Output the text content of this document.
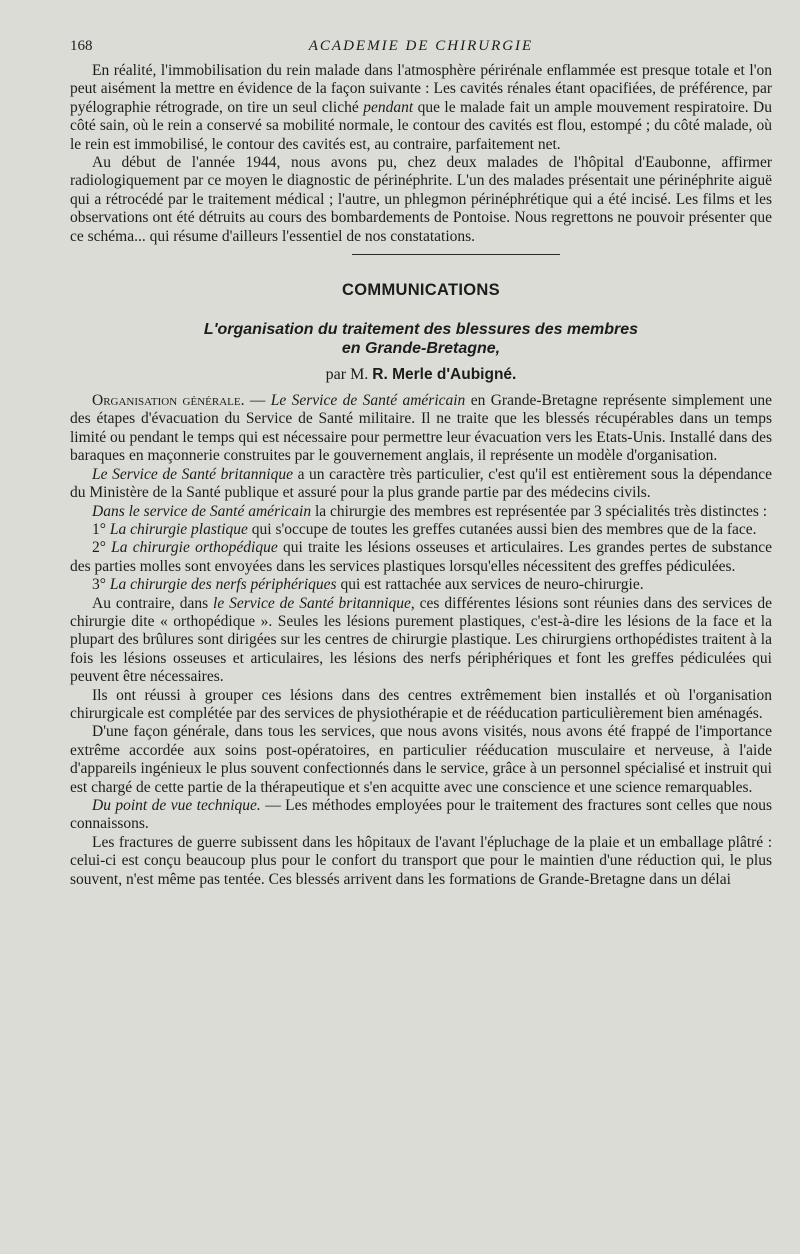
168	ACADEMIE DE CHIRURGIE

En réalité, l'immobilisation du rein malade dans l'atmosphère périrénale enflammée est presque totale et l'on peut aisément la mettre en évidence de la façon suivante : Les cavités rénales étant opacifiées, de préférence, par pyélographie rétrograde, on tire un seul cliché pendant que le malade fait un ample mouvement respiratoire. Du côté sain, où le rein a conservé sa mobilité normale, le contour des cavités est flou, estompé ; du côté malade, où le rein est immobilisé, le contour des cavités est, au contraire, parfaitement net.

Au début de l'année 1944, nous avons pu, chez deux malades de l'hôpital d'Eaubonne, affirmer radiologiquement par ce moyen le diagnostic de périnéphrite. L'un des malades présentait une périnéphrite aiguë qui a rétrocédé par le traitement médical ; l'autre, un phlegmon périnéphrétique qui a été incisé. Les films et les observations ont été détruits au cours des bombardements de Pontoise. Nous regrettons ne pouvoir présenter que ce schéma... qui résume d'ailleurs l'essentiel de nos constatations.

COMMUNICATIONS
L'organisation du traitement des blessures des membres
en Grande-Bretagne,
par M. R. Merle d'Aubigné.

Organisation générale. — Le Service de Santé américain en Grande-Bretagne représente simplement une des étapes d'évacuation du Service de Santé militaire. Il ne traite que les blessés récupérables dans un temps limité ou pendant le temps qui est nécessaire pour permettre leur évacuation vers les Etats-Unis. Installé dans des baraques en maçonnerie construites par le gouvernement anglais, il représente un modèle d'organisation.

Le Service de Santé britannique a un caractère très particulier, c'est qu'il est entièrement sous la dépendance du Ministère de la Santé publique et assuré pour la plus grande partie par des médecins civils.

Dans le service de Santé américain la chirurgie des membres est représentée par 3 spécialités très distinctes :

1° La chirurgie plastique qui s'occupe de toutes les greffes cutanées aussi bien des membres que de la face.

2° La chirurgie orthopédique qui traite les lésions osseuses et articulaires. Les grandes pertes de substance des parties molles sont envoyées dans les services plastiques lorsqu'elles nécessitent des greffes pédiculées.

3° La chirurgie des nerfs périphériques qui est rattachée aux services de neuro-chirurgie.

Au contraire, dans le Service de Santé britannique, ces différentes lésions sont réunies dans des services de chirurgie dite « orthopédique ». Seules les lésions purement plastiques, c'est-à-dire les lésions de la face et la plupart des brûlures sont dirigées sur les centres de chirurgie plastique. Les chirurgiens orthopédistes traitent à la fois les lésions osseuses et articulaires, les lésions des nerfs périphériques et font les greffes pédiculées qui peuvent être nécessaires.

Ils ont réussi à grouper ces lésions dans des centres extrêmement bien installés et où l'organisation chirurgicale est complétée par des services de physiothérapie et de rééducation particulièrement bien aménagés.

D'une façon générale, dans tous les services, que nous avons visités, nous avons été frappé de l'importance extrême accordée aux soins post-opératoires, en particulier rééducation musculaire et nerveuse, à l'aide d'appareils ingénieux le plus souvent confectionnés dans le service, grâce à un personnel spécialisé et instruit qui est chargé de cette partie de la thérapeutique et s'en acquitte avec une conscience et une science remarquables.

Du point de vue technique. — Les méthodes employées pour le traitement des fractures sont celles que nous connaissons.

Les fractures de guerre subissent dans les hôpitaux de l'avant l'épluchage de la plaie et un emballage plâtré : celui-ci est conçu beaucoup plus pour le confort du transport que pour le maintien d'une réduction qui, le plus souvent, n'est même pas tentée. Ces blessés arrivent dans les formations de Grande-Bretagne dans un délai
